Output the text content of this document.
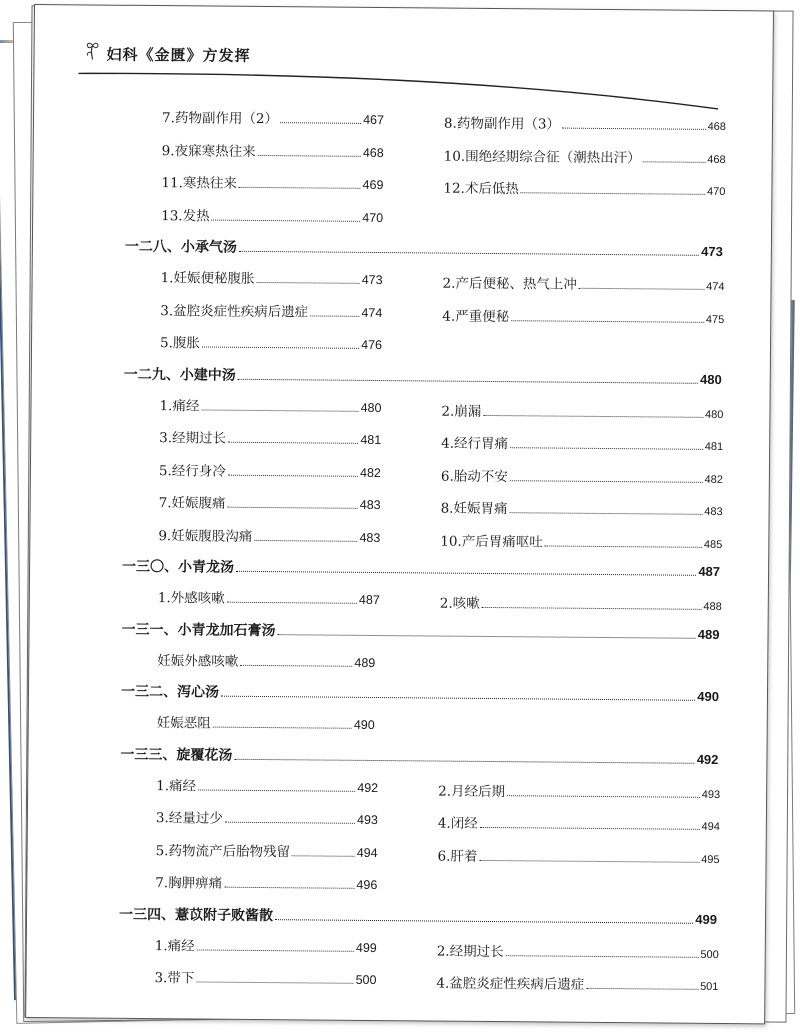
妇科《金匮》方发挥
7.药物副作用（2）	467	8.药物副作用（3）	468
9.夜寐寒热往来	468	10.围绝经期综合征（潮热出汗）	468
11.寒热往来	469	12.术后低热	470
13.发热	470
一二八、小承气汤	473
1.妊娠便秘腹胀	473	2.产后便秘、热气上冲	474
3.盆腔炎症性疾病后遗症	474	4.严重便秘	475
5.腹胀	476
一二九、小建中汤	480
1.痛经	480	2.崩漏	480
3.经期过长	481	4.经行胃痛	481
5.经行身冷	482	6.胎动不安	482
7.妊娠腹痛	483	8.妊娠胃痛	483
9.妊娠腹股沟痛	483	10.产后胃痛呕吐	485
一三〇、小青龙汤	487
1.外感咳嗽	487	2.咳嗽	488
一三一、小青龙加石膏汤	489
妊娠外感咳嗽	489
一三二、泻心汤	490
妊娠恶阻	490
一三三、旋覆花汤	492
1.痛经	492	2.月经后期	493
3.经量过少	493	4.闭经	494
5.药物流产后胎物残留	494	6.肝着	495
7.胸胛痹痛	496
一三四、薏苡附子败酱散	499
1.痛经	499	2.经期过长	500
3.带下	500	4.盆腔炎症性疾病后遗症	501
